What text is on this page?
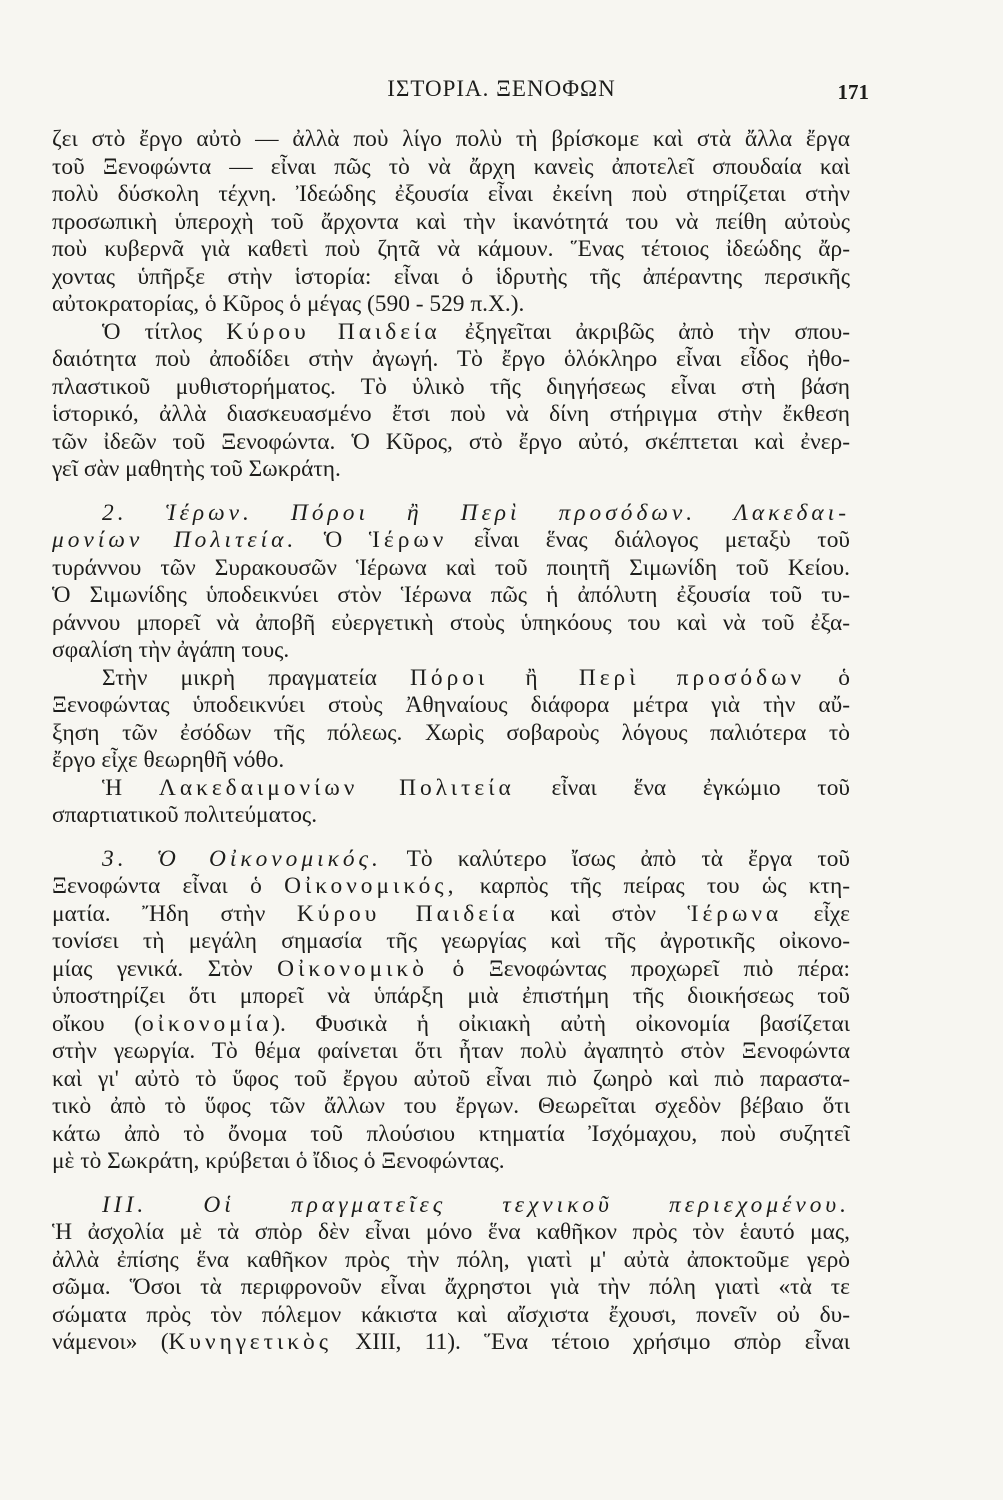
ΙΣΤΟΡΙΑ. ΞΕΝΟΦΩΝ	171

ζει στὸ ἔργο αὐτὸ — ἀλλὰ ποὺ λίγο πολὺ τὴ βρίσκομε καὶ στὰ ἄλλα ἔργα
τοῦ Ξενοφώντα — εἶναι πῶς τὸ νὰ ἄρχη κανεὶς ἀποτελεῖ σπουδαία καὶ
πολὺ δύσκολη τέχνη. Ἰδεώδης ἐξουσία εἶναι ἐκείνη ποὺ στηρίζεται στὴν
προσωπικὴ ὑπεροχὴ τοῦ ἄρχοντα καὶ τὴν ἱκανότητά του νὰ πείθη αὐτοὺς
ποὺ κυβερνᾶ γιὰ καθετὶ ποὺ ζητᾶ νὰ κάμουν. Ἕνας τέτοιος ἰδεώδης ἄρ-
χοντας ὑπῆρξε στὴν ἱστορία: εἶναι ὁ ἱδρυτὴς τῆς ἀπέραντης περσικῆς
αὐτοκρατορίας, ὁ Κῦρος ὁ μέγας (590 - 529 π.Χ.).

Ὁ τίτλος Κύρου Παιδεία ἐξηγεῖται ἀκριβῶς ἀπὸ τὴν σπου-
δαιότητα ποὺ ἀποδίδει στὴν ἀγωγή. Τὸ ἔργο ὁλόκληρο εἶναι εἶδος ἠθο-
πλαστικοῦ μυθιστορήματος. Τὸ ὑλικὸ τῆς διηγήσεως εἶναι στὴ βάση
ἱστορικό, ἀλλὰ διασκευασμένο ἔτσι ποὺ νὰ δίνη στήριγμα στὴν ἔκθεση
τῶν ἰδεῶν τοῦ Ξενοφώντα. Ὁ Κῦρος, στὸ ἔργο αὐτό, σκέπτεται καὶ ἐνερ-
γεῖ σὰν μαθητὴς τοῦ Σωκράτη.

2. Ἱέρων. Πόροι ἢ Περὶ προσόδων. Λακεδαι-
μονίων Πολιτεία. Ὁ Ἱέρων εἶναι ἕνας διάλογος μεταξὺ τοῦ
τυράννου τῶν Συρακουσῶν Ἱέρωνα καὶ τοῦ ποιητῆ Σιμωνίδη τοῦ Κείου.
Ὁ Σιμωνίδης ὑποδεικνύει στὸν Ἱέρωνα πῶς ἡ ἀπόλυτη ἐξουσία τοῦ τυ-
ράννου μπορεῖ νὰ ἀποβῆ εὐεργετικὴ στοὺς ὑπηκόους του καὶ νὰ τοῦ ἐξα-
σφαλίση τὴν ἀγάπη τους.

Στὴν μικρὴ πραγματεία Πόροι ἢ Περὶ προσόδων ὁ
Ξενοφώντας ὑποδεικνύει στοὺς Ἀθηναίους διάφορα μέτρα γιὰ τὴν αὔ-
ξηση τῶν ἐσόδων τῆς πόλεως. Χωρὶς σοβαροὺς λόγους παλιότερα τὸ
ἔργο εἶχε θεωρηθῆ νόθο.

Ἡ Λακεδαιμονίων Πολιτεία εἶναι ἕνα ἐγκώμιο τοῦ
σπαρτιατικοῦ πολιτεύματος.

3. Ὁ Οἰκονομικός. Τὸ καλύτερο ἴσως ἀπὸ τὰ ἔργα τοῦ
Ξενοφώντα εἶναι ὁ Οἰκονομικός, καρπὸς τῆς πείρας του ὡς κτη-
ματία. Ἤδη στὴν Κύρου Παιδεία καὶ στὸν Ἱέρωνα εἶχε
τονίσει τὴ μεγάλη σημασία τῆς γεωργίας καὶ τῆς ἀγροτικῆς οἰκονο-
μίας γενικά. Στὸν Οἰκονομικὸ ὁ Ξενοφώντας προχωρεῖ πιὸ πέρα:
ὑποστηρίζει ὅτι μπορεῖ νὰ ὑπάρξη μιὰ ἐπιστήμη τῆς διοικήσεως τοῦ
οἴκου (οἰκονομία). Φυσικὰ ἡ οἰκιακὴ αὐτὴ οἰκονομία βασίζεται
στὴν γεωργία. Τὸ θέμα φαίνεται ὅτι ἦταν πολὺ ἀγαπητὸ στὸν Ξενοφώντα
καὶ γι' αὐτὸ τὸ ὕφος τοῦ ἔργου αὐτοῦ εἶναι πιὸ ζωηρὸ καὶ πιὸ παραστα-
τικὸ ἀπὸ τὸ ὕφος τῶν ἄλλων του ἔργων. Θεωρεῖται σχεδὸν βέβαιο ὅτι
κάτω ἀπὸ τὸ ὄνομα τοῦ πλούσιου κτηματία Ἰσχόμαχου, ποὺ συζητεῖ
μὲ τὸ Σωκράτη, κρύβεται ὁ ἴδιος ὁ Ξενοφώντας.

ΙΙΙ. Οἱ πραγματεῖες τεχνικοῦ περιεχομένου.
Ἡ ἀσχολία μὲ τὰ σπὸρ δὲν εἶναι μόνο ἕνα καθῆκον πρὸς τὸν ἑαυτό μας,
ἀλλὰ ἐπίσης ἕνα καθῆκον πρὸς τὴν πόλη, γιατὶ μ' αὐτὰ ἀποκτοῦμε γερὸ
σῶμα. Ὅσοι τὰ περιφρονοῦν εἶναι ἄχρηστοι γιὰ τὴν πόλη γιατὶ «τὰ τε
σώματα πρὸς τὸν πόλεμον κάκιστα καὶ αἴσχιστα ἔχουσι, πονεῖν οὐ δυ-
νάμενοι» (Κυνηγετικὸς XIII, 11). Ἕνα τέτοιο χρήσιμο σπὸρ εἶναι
